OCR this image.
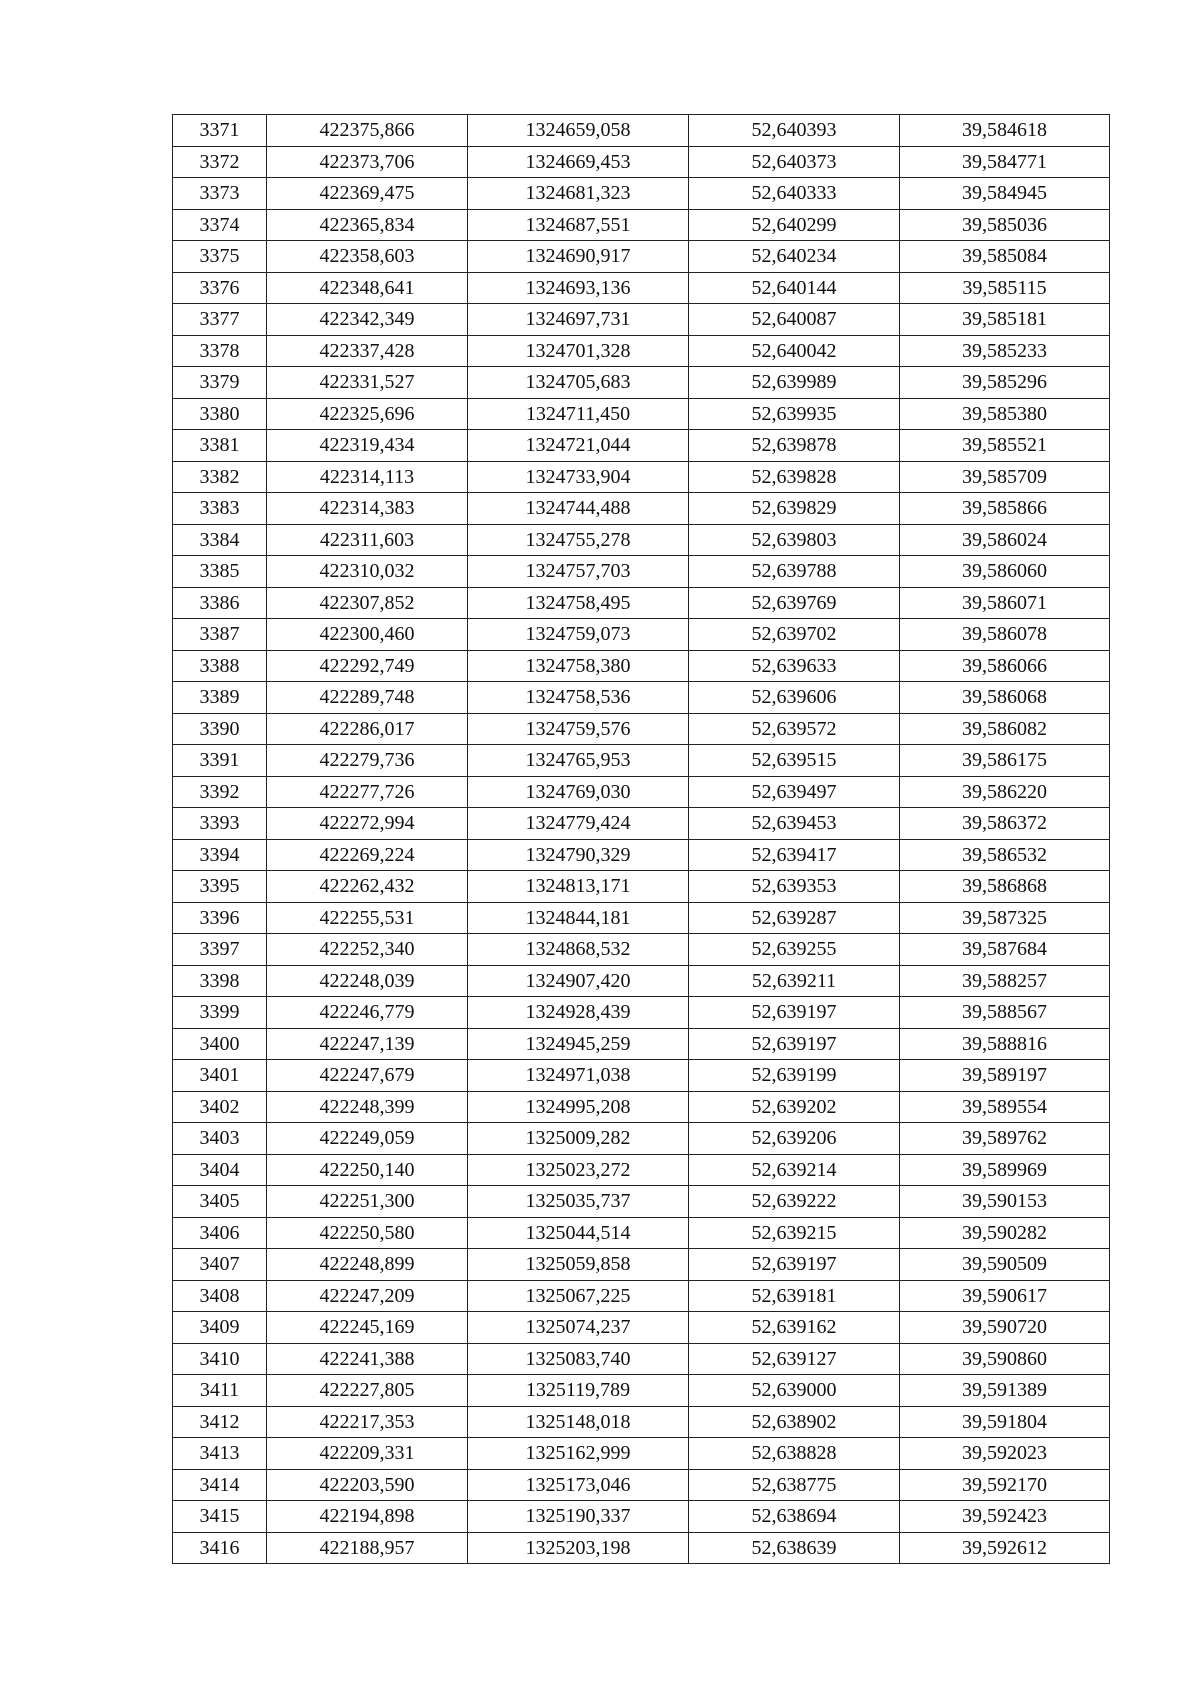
3371	422375,866	1324659,058	52,640393	39,584618
3372	422373,706	1324669,453	52,640373	39,584771
3373	422369,475	1324681,323	52,640333	39,584945
3374	422365,834	1324687,551	52,640299	39,585036
3375	422358,603	1324690,917	52,640234	39,585084
3376	422348,641	1324693,136	52,640144	39,585115
3377	422342,349	1324697,731	52,640087	39,585181
3378	422337,428	1324701,328	52,640042	39,585233
3379	422331,527	1324705,683	52,639989	39,585296
3380	422325,696	1324711,450	52,639935	39,585380
3381	422319,434	1324721,044	52,639878	39,585521
3382	422314,113	1324733,904	52,639828	39,585709
3383	422314,383	1324744,488	52,639829	39,585866
3384	422311,603	1324755,278	52,639803	39,586024
3385	422310,032	1324757,703	52,639788	39,586060
3386	422307,852	1324758,495	52,639769	39,586071
3387	422300,460	1324759,073	52,639702	39,586078
3388	422292,749	1324758,380	52,639633	39,586066
3389	422289,748	1324758,536	52,639606	39,586068
3390	422286,017	1324759,576	52,639572	39,586082
3391	422279,736	1324765,953	52,639515	39,586175
3392	422277,726	1324769,030	52,639497	39,586220
3393	422272,994	1324779,424	52,639453	39,586372
3394	422269,224	1324790,329	52,639417	39,586532
3395	422262,432	1324813,171	52,639353	39,586868
3396	422255,531	1324844,181	52,639287	39,587325
3397	422252,340	1324868,532	52,639255	39,587684
3398	422248,039	1324907,420	52,639211	39,588257
3399	422246,779	1324928,439	52,639197	39,588567
3400	422247,139	1324945,259	52,639197	39,588816
3401	422247,679	1324971,038	52,639199	39,589197
3402	422248,399	1324995,208	52,639202	39,589554
3403	422249,059	1325009,282	52,639206	39,589762
3404	422250,140	1325023,272	52,639214	39,589969
3405	422251,300	1325035,737	52,639222	39,590153
3406	422250,580	1325044,514	52,639215	39,590282
3407	422248,899	1325059,858	52,639197	39,590509
3408	422247,209	1325067,225	52,639181	39,590617
3409	422245,169	1325074,237	52,639162	39,590720
3410	422241,388	1325083,740	52,639127	39,590860
3411	422227,805	1325119,789	52,639000	39,591389
3412	422217,353	1325148,018	52,638902	39,591804
3413	422209,331	1325162,999	52,638828	39,592023
3414	422203,590	1325173,046	52,638775	39,592170
3415	422194,898	1325190,337	52,638694	39,592423
3416	422188,957	1325203,198	52,638639	39,592612
